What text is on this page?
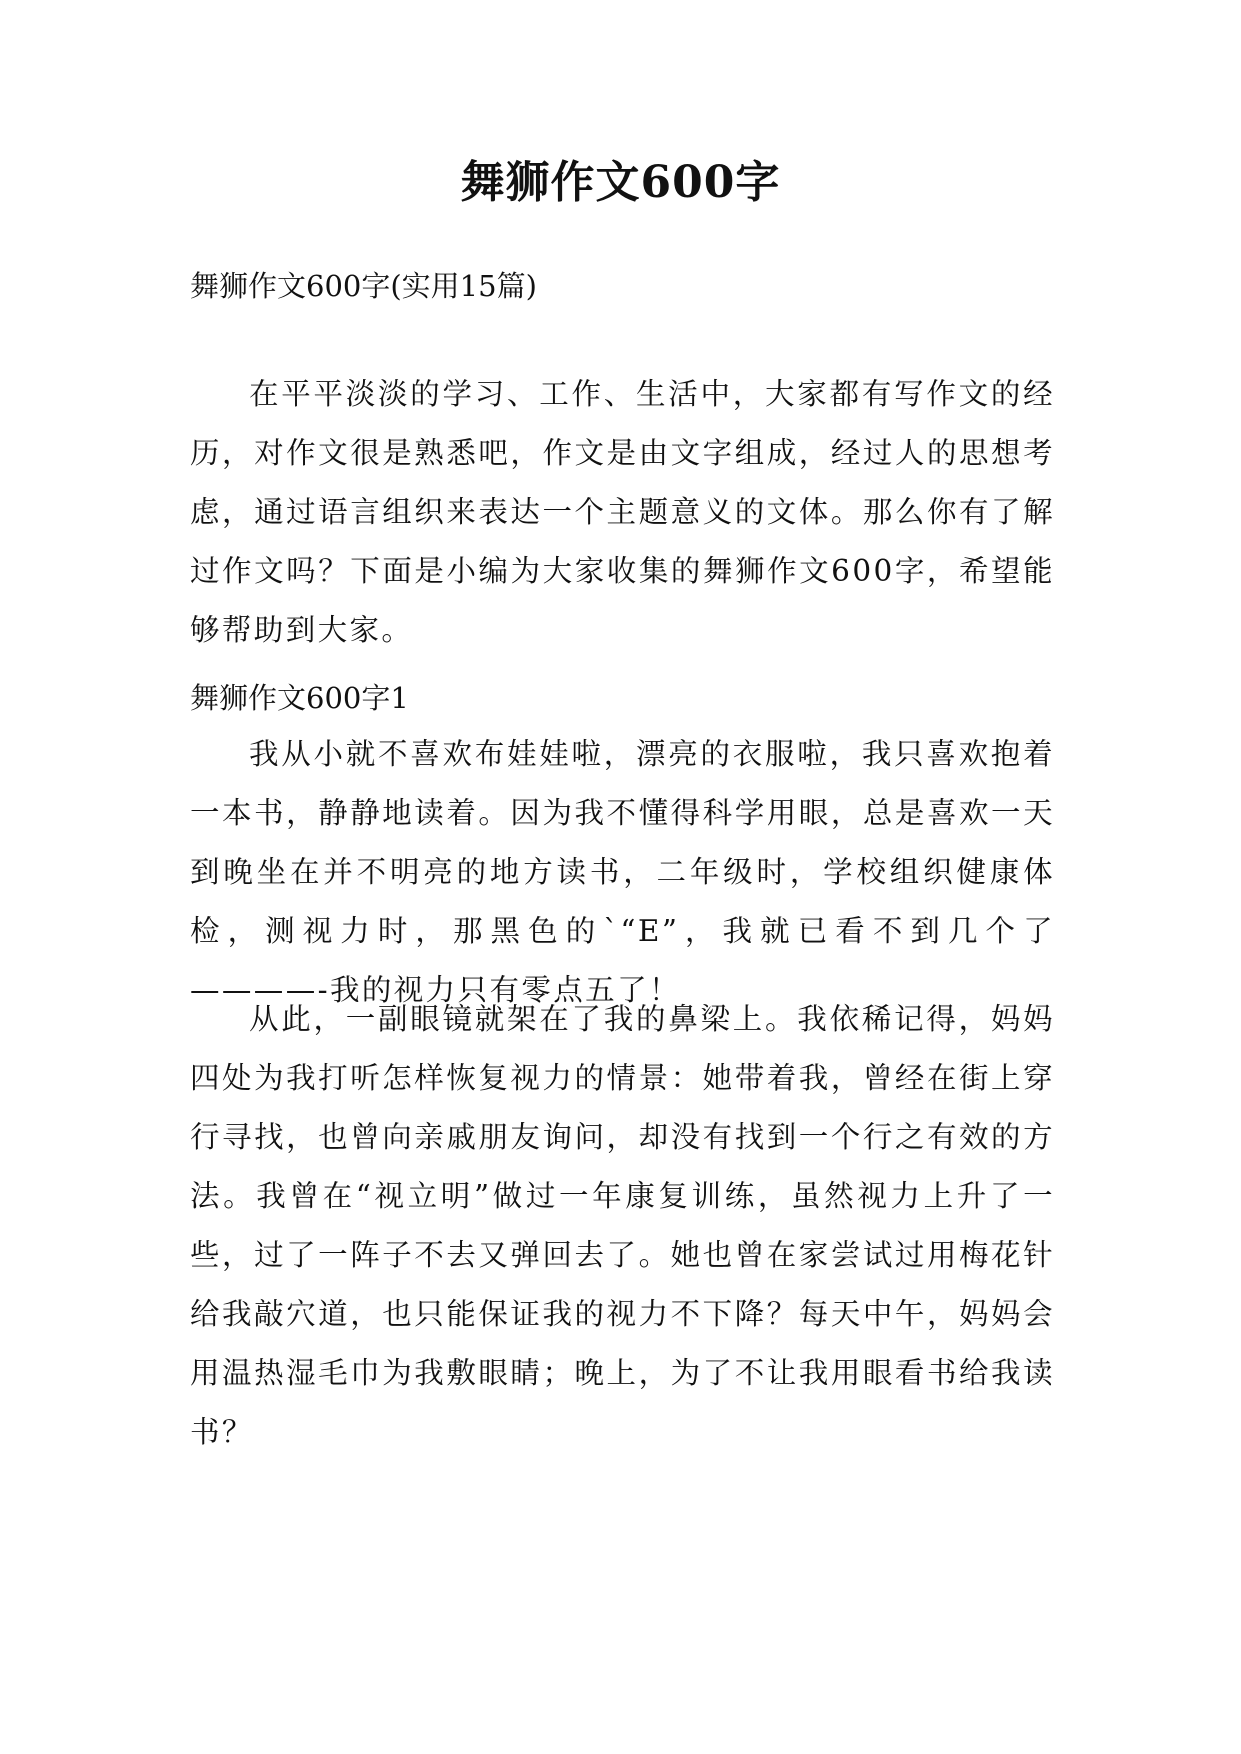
舞狮作文600字

舞狮作文600字(实用15篇)

在平平淡淡的学习、工作、生活中，大家都有写作文的经历，对作文很是熟悉吧，作文是由文字组成，经过人的思想考虑，通过语言组织来表达一个主题意义的文体。那么你有了解过作文吗？下面是小编为大家收集的舞狮作文600字，希望能够帮助到大家。

舞狮作文600字1

我从小就不喜欢布娃娃啦，漂亮的衣服啦，我只喜欢抱着一本书，静静地读着。因为我不懂得科学用眼，总是喜欢一天到晚坐在并不明亮的地方读书，二年级时，学校组织健康体检，测视力时，那黑色的`“E”，我就已看不到几个了————-我的视力只有零点五了！

从此，一副眼镜就架在了我的鼻梁上。我依稀记得，妈妈四处为我打听怎样恢复视力的情景：她带着我，曾经在街上穿行寻找，也曾向亲戚朋友询问，却没有找到一个行之有效的方法。我曾在“视立明”做过一年康复训练，虽然视力上升了一些，过了一阵子不去又弹回去了。她也曾在家尝试过用梅花针给我敲穴道，也只能保证我的视力不下降？每天中午，妈妈会用温热湿毛巾为我敷眼睛；晚上，为了不让我用眼看书给我读书？
